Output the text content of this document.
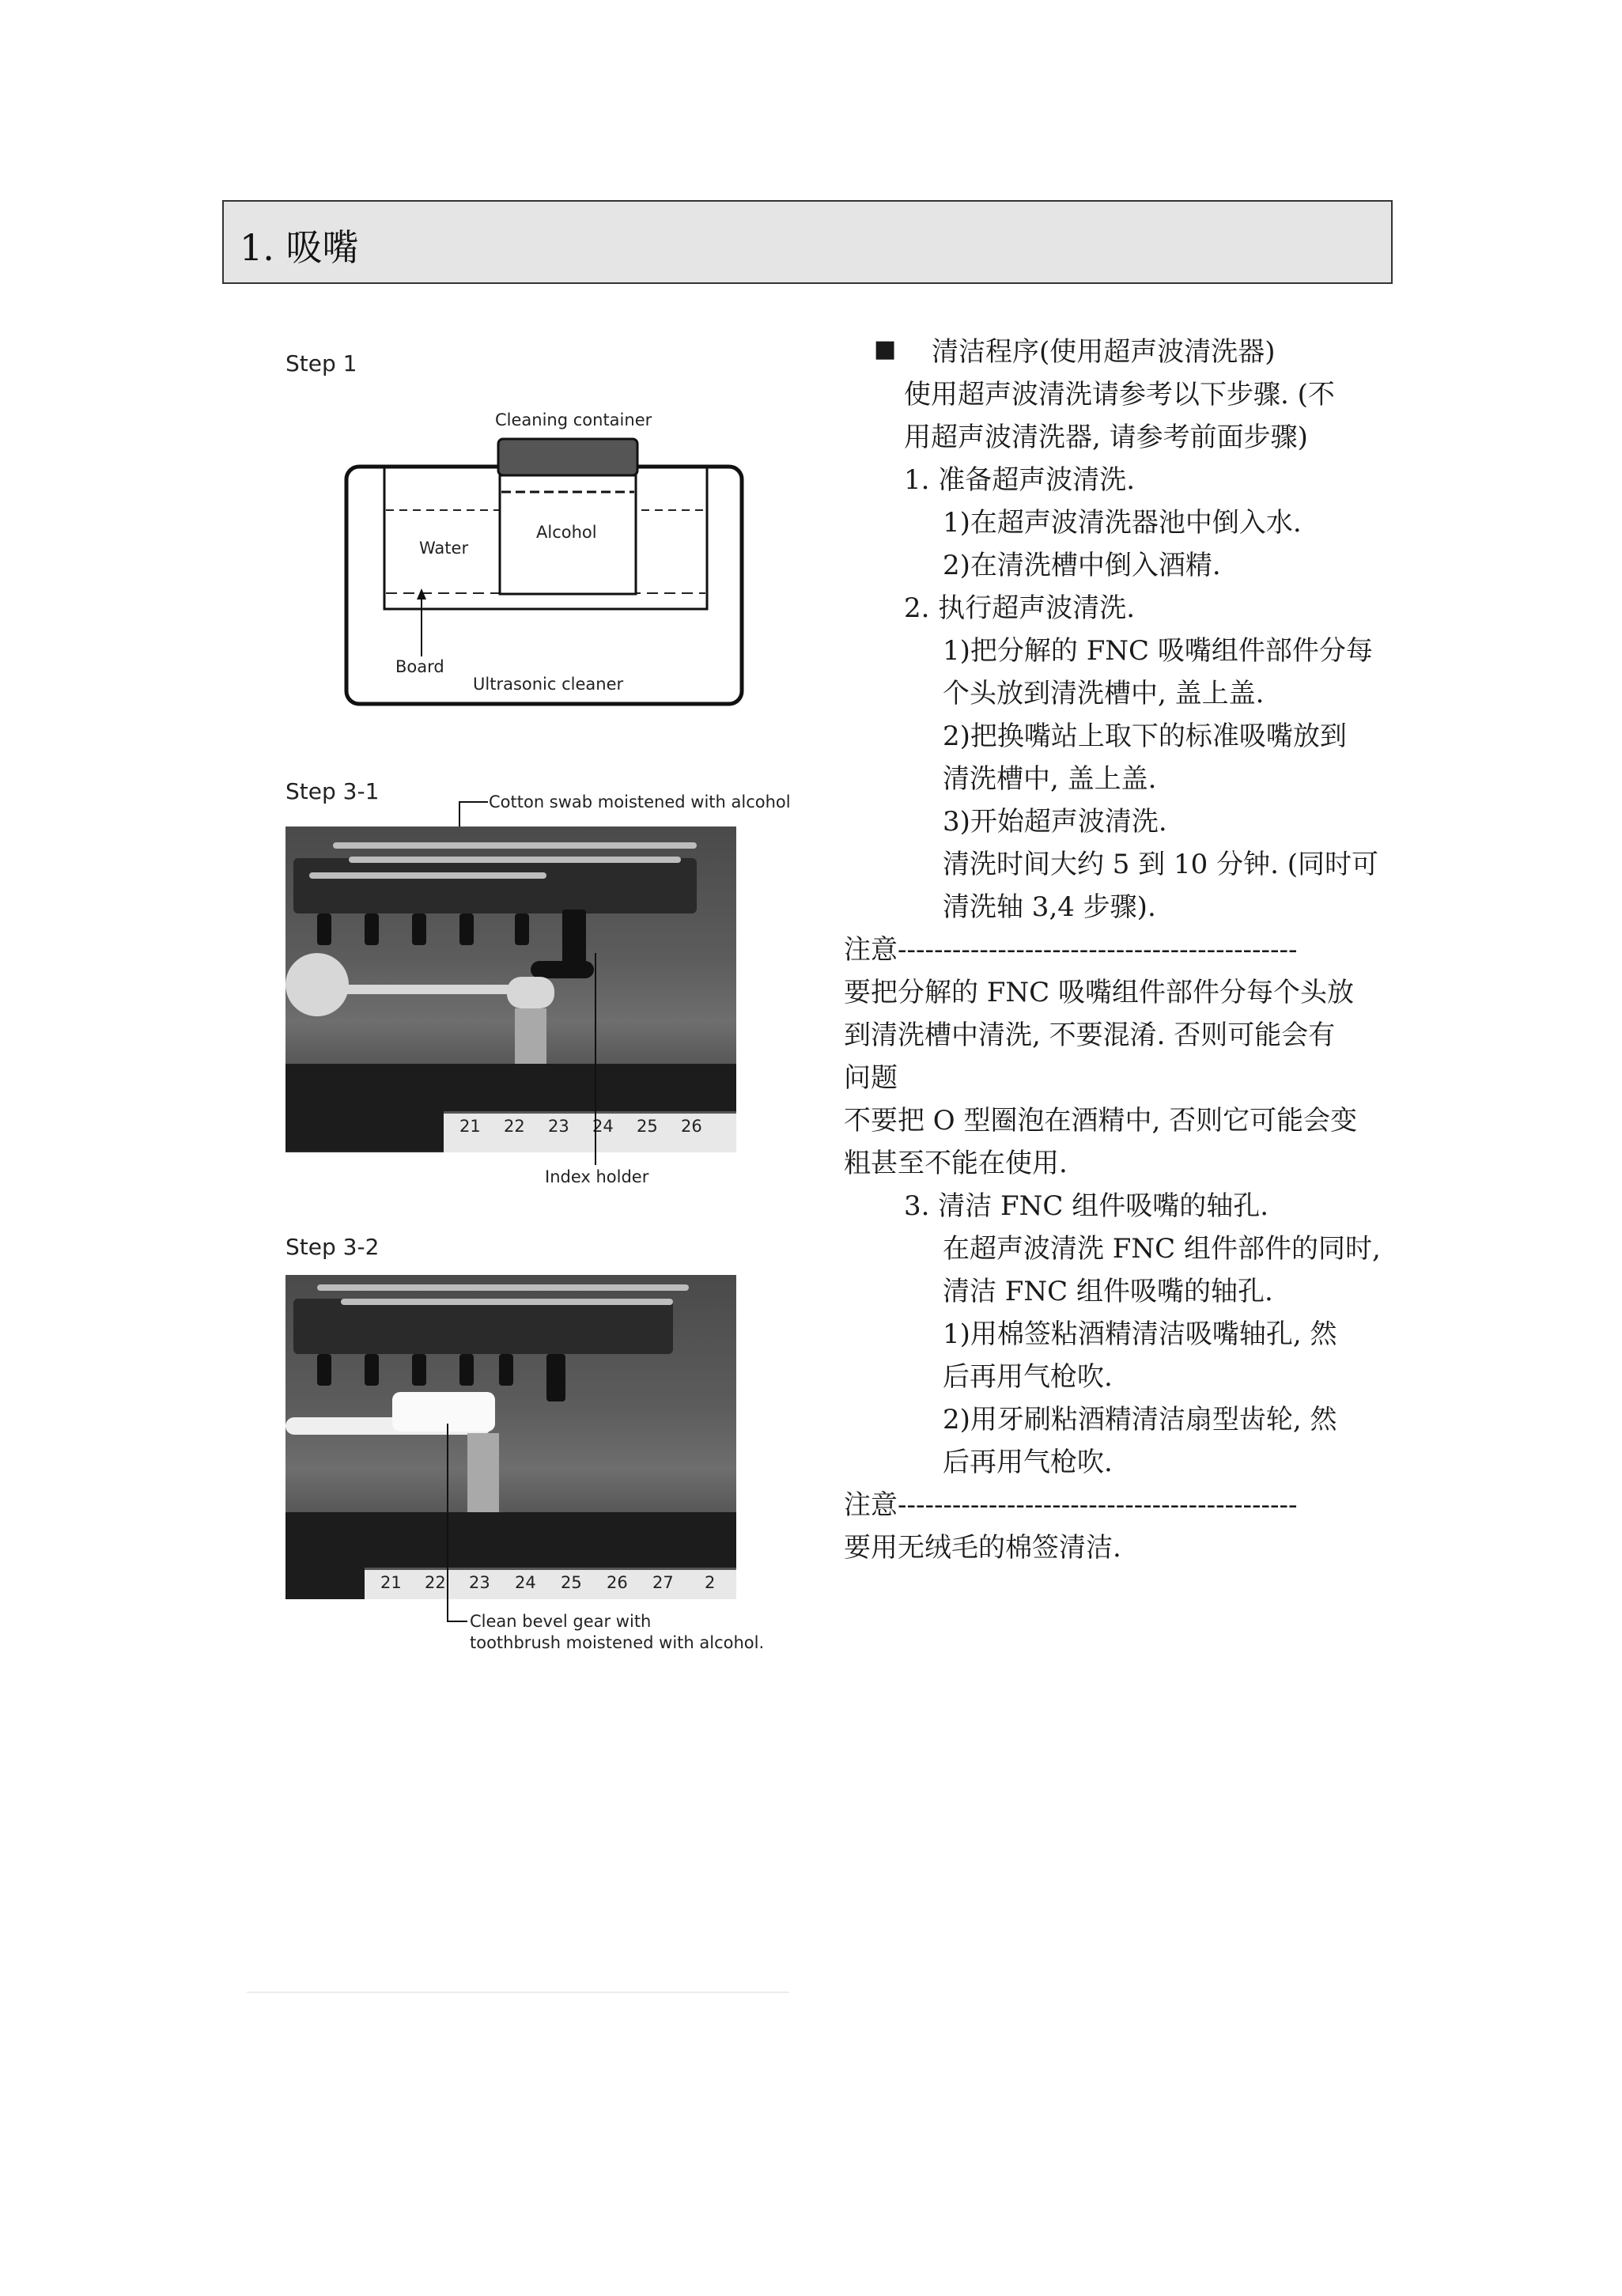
1. 吸嘴
Step 1
Cleaning container
Water
Alcohol
Board
Ultrasonic cleaner
Step 3-1	Cotton swab moistened with alcohol
21 22 23 24 25 26
Index holder
Step 3-2
21 22 23 24 25 26 27 2
Clean bevel gear with
toothbrush moistened with alcohol.
■ 清洁程序(使用超声波清洗器)
使用超声波清洗请参考以下步骤. (不
用超声波清洗器, 请参考前面步骤)
1. 准备超声波清洗.
1)在超声波清洗器池中倒入水.
2)在清洗槽中倒入酒精.
2. 执行超声波清洗.
1)把分解的 FNC 吸嘴组件部件分每
个头放到清洗槽中, 盖上盖.
2)把换嘴站上取下的标准吸嘴放到
清洗槽中, 盖上盖.
3)开始超声波清洗.
清洗时间大约 5 到 10 分钟. (同时可
清洗轴 3,4 步骤).
注意--------------------------------------------
要把分解的 FNC 吸嘴组件部件分每个头放
到清洗槽中清洗, 不要混淆. 否则可能会有
问题
不要把 O 型圈泡在酒精中, 否则它可能会变
粗甚至不能在使用.
3. 清洁 FNC 组件吸嘴的轴孔.
在超声波清洗 FNC 组件部件的同时,
清洁 FNC 组件吸嘴的轴孔.
1)用棉签粘酒精清洁吸嘴轴孔, 然
后再用气枪吹.
2)用牙刷粘酒精清洁扇型齿轮, 然
后再用气枪吹.
注意--------------------------------------------
要用无绒毛的棉签清洁.
